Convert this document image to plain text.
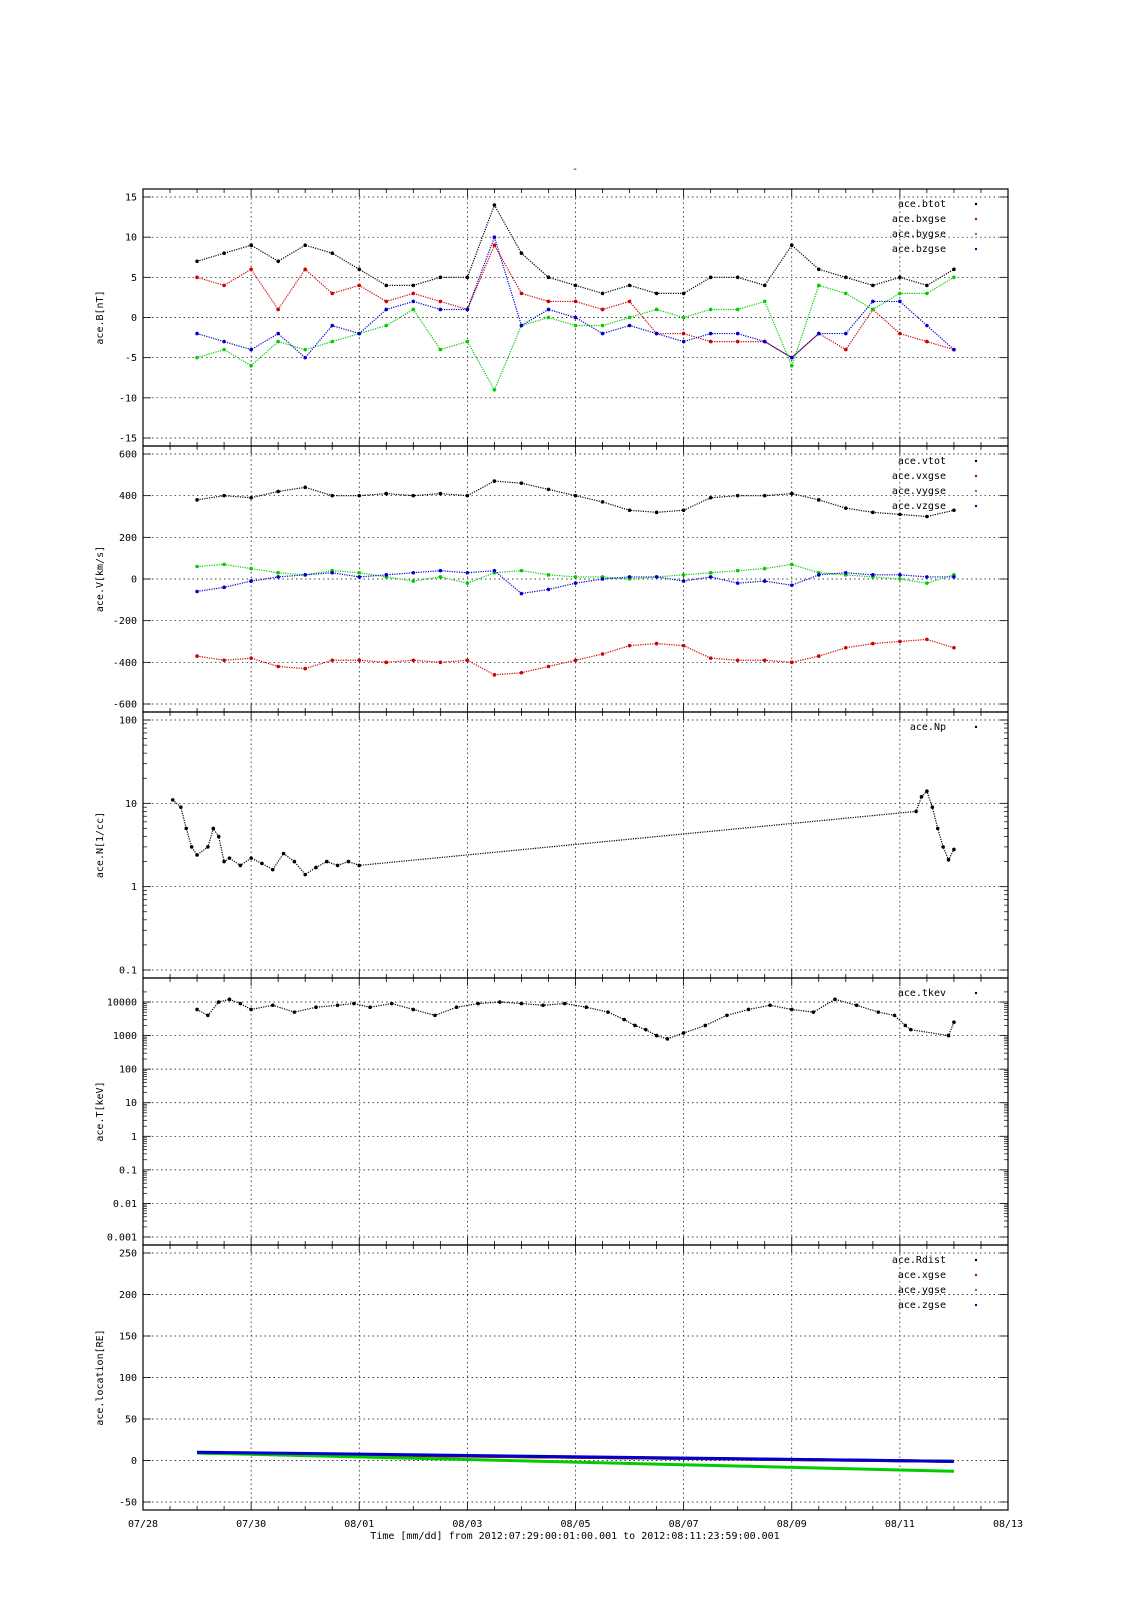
-
15
10
5
0
-5
-10
-15
ace.B[nT]
ace.btot
ace.bxgse
ace.bygse
ace.bzgse
600
400
200
0
-200
-400
-600
ace.V[km/s]
ace.vtot
ace.vxgse
ace.vygse
ace.vzgse
100
10
1
0.1
ace.N[1/cc]
ace.Np
10000
1000
100
10
1
0.1
0.01
0.001
ace.T[keV]
ace.tkev
250
200
150
100
50
0
-50
ace.location[RE]
ace.Rdist
ace.xgse
ace.ygse
ace.zgse
07/28	07/30	08/01	08/03	08/05	08/07	08/09	08/11	08/13
Time [mm/dd] from 2012:07:29:00:01:00.001 to 2012:08:11:23:59:00.001
